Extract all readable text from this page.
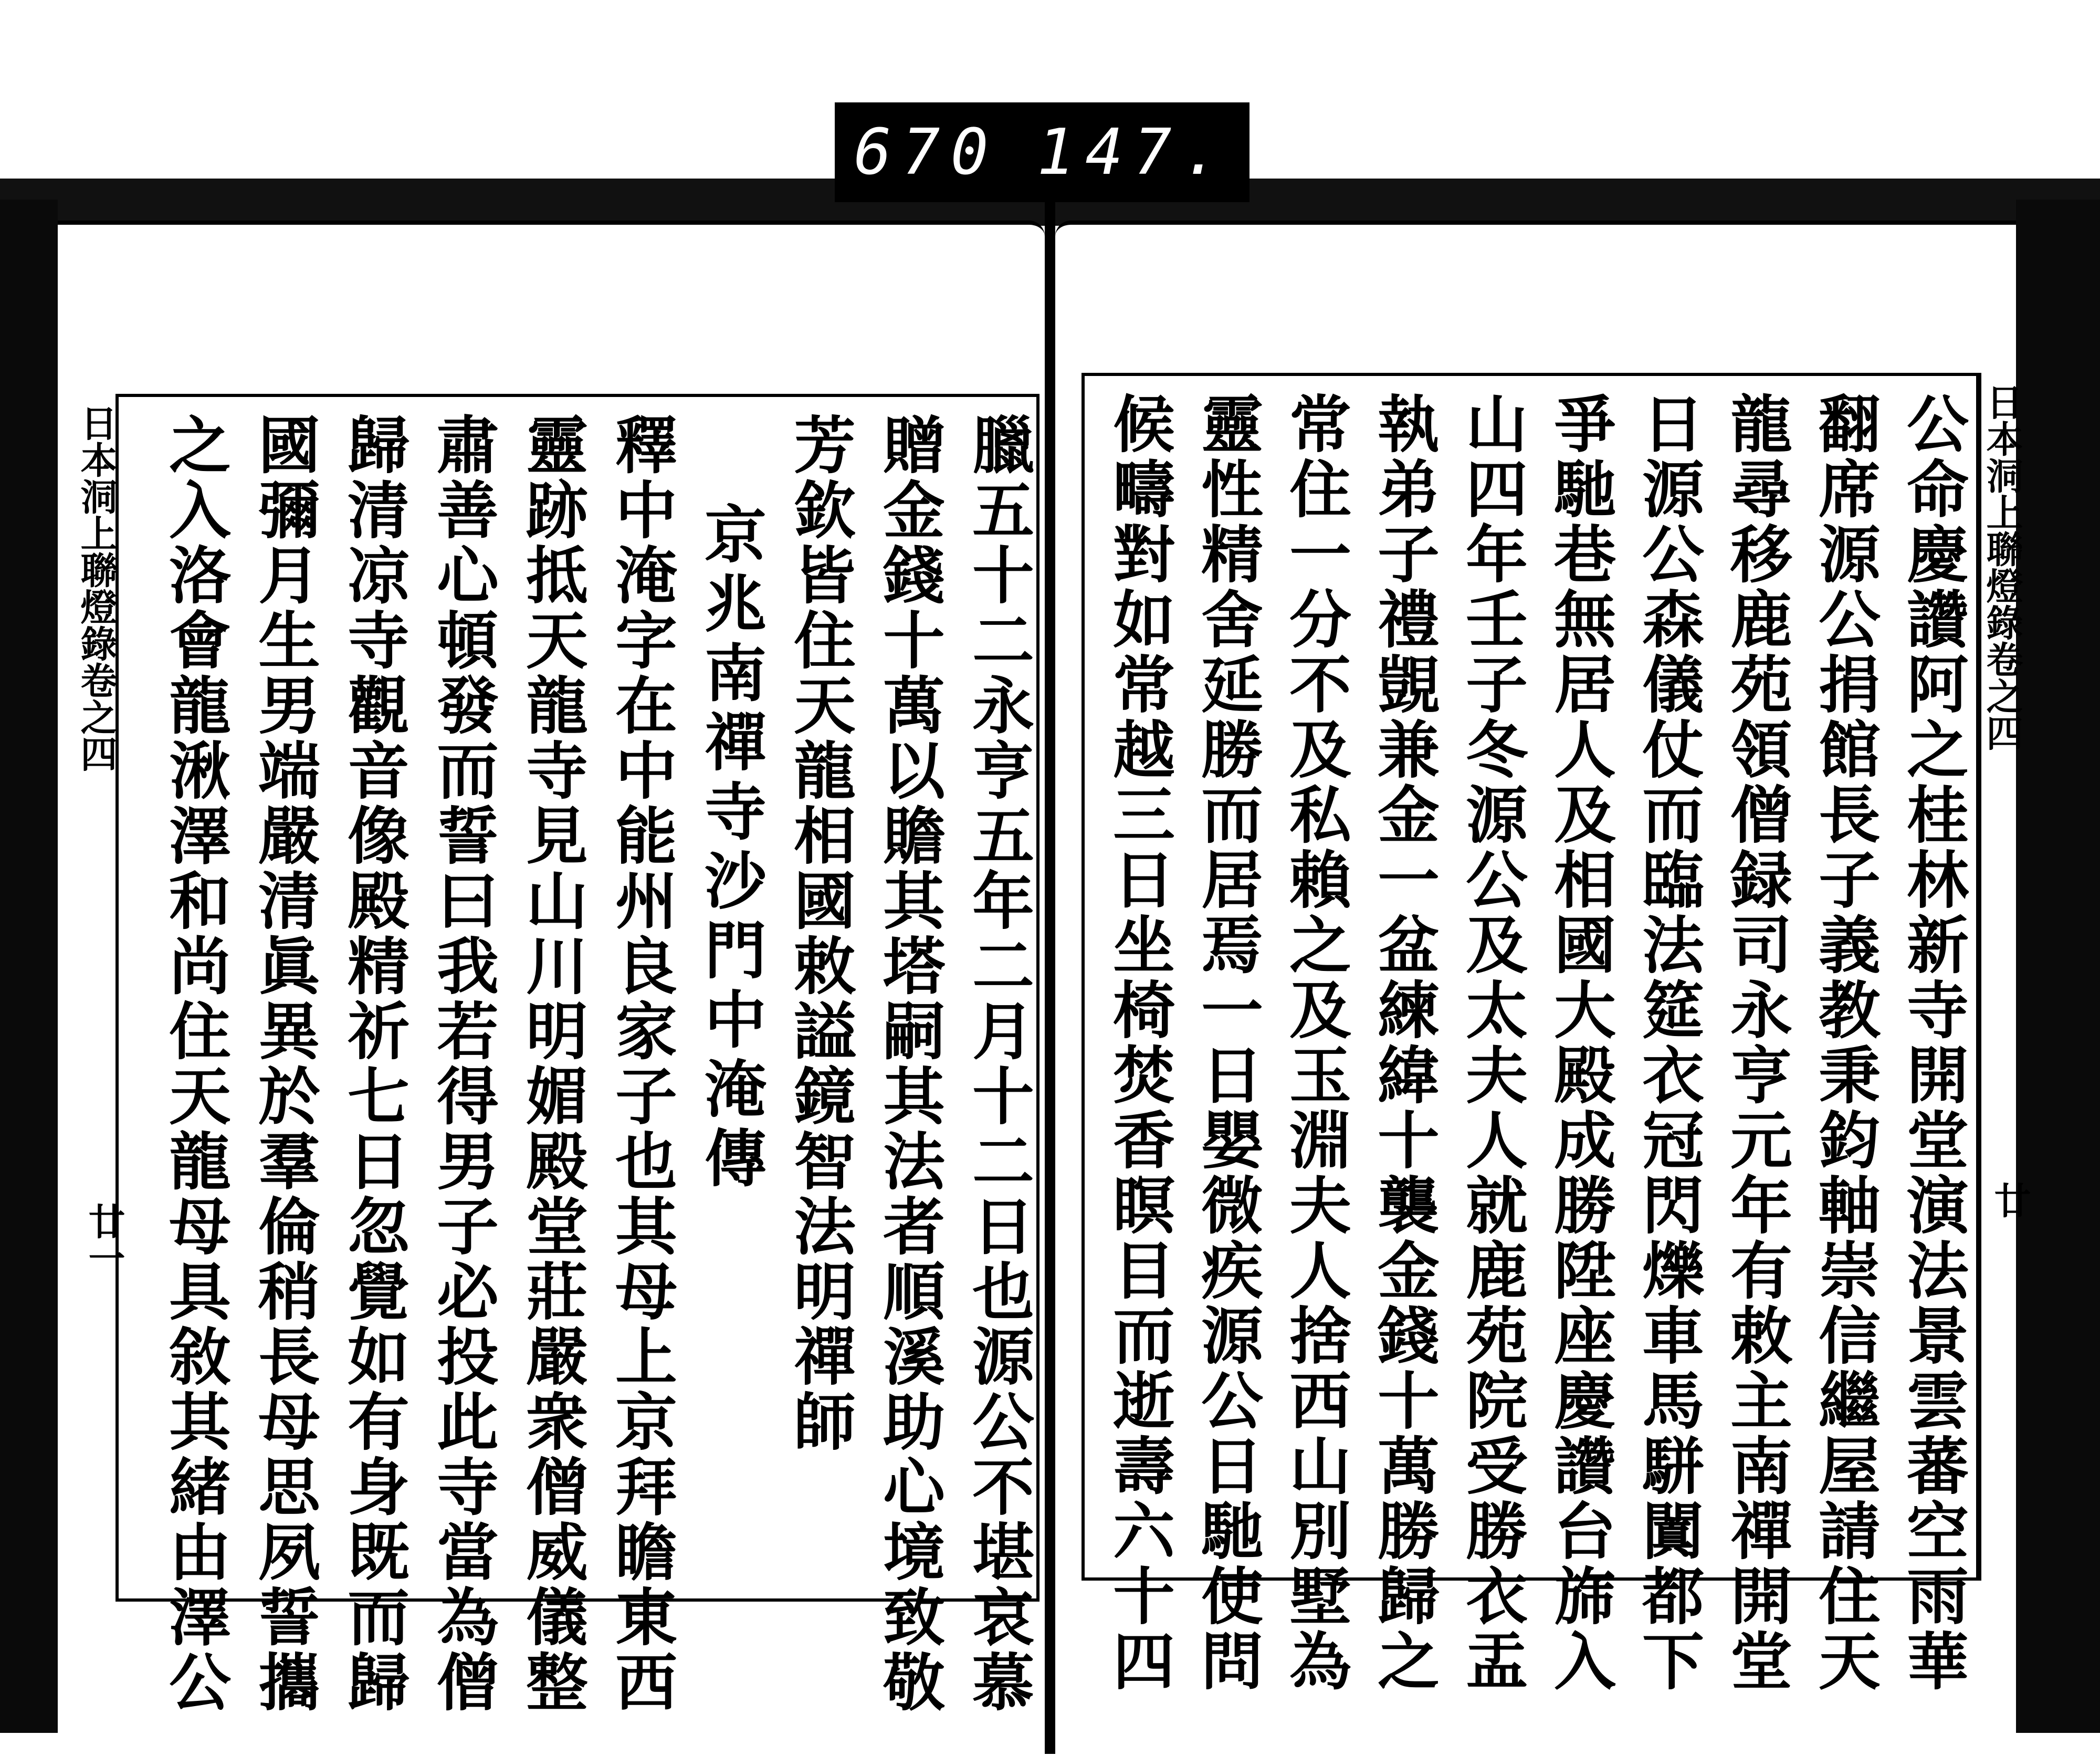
670 147.
日本洞上聯燈錄卷之四
廿一	臘五十二永亨五年二月十二日也源公不堪哀慕
贈金錢十萬以贍其塔嗣其法者順溪助心境致敬
芳欽皆住天龍相國敕謚鏡智法明禪師
京兆南禪寺沙門中淹傳
釋中淹字在中能州良家子也其母上京拜瞻東西
靈跡抵天龍寺見山川明媚殿堂莊嚴衆僧威儀整
肅善心頓發而誓曰我若得男子必投此寺當為僧
歸清凉寺觀音像殿精祈七日忽覺如有身既而歸
國彌月生男端嚴清眞異於羣倫稍長母思夙誓攜
之入洛會龍湫澤和尚住天龍母具敘其緒由澤公	公命慶讚阿之桂林新寺開堂演法景雲蕃空雨華
翻席源公捐館長子義教秉鈞軸崇信繼屋請住天
龍尋移鹿苑領僧録司永亨元年有敕主南禪開堂
日源公森儀仗而臨法筵衣冠閃爍車馬駢闐都下
爭馳巷無居人及相國大殿成勝陞座慶讚台旆入
山四年壬子冬源公及太夫人就鹿苑院受勝衣盂
執弟子禮覬兼金一盆練緯十襲金錢十萬勝歸之
常住一分不及私賴之及玉淵夫人捨西山別墅為
靈性精舍延勝而居焉一日嬰微疾源公日馳使問
候疇對如常越三日坐椅焚香瞑目而逝壽六十四	日本洞上聯燈錄卷之四
廿
